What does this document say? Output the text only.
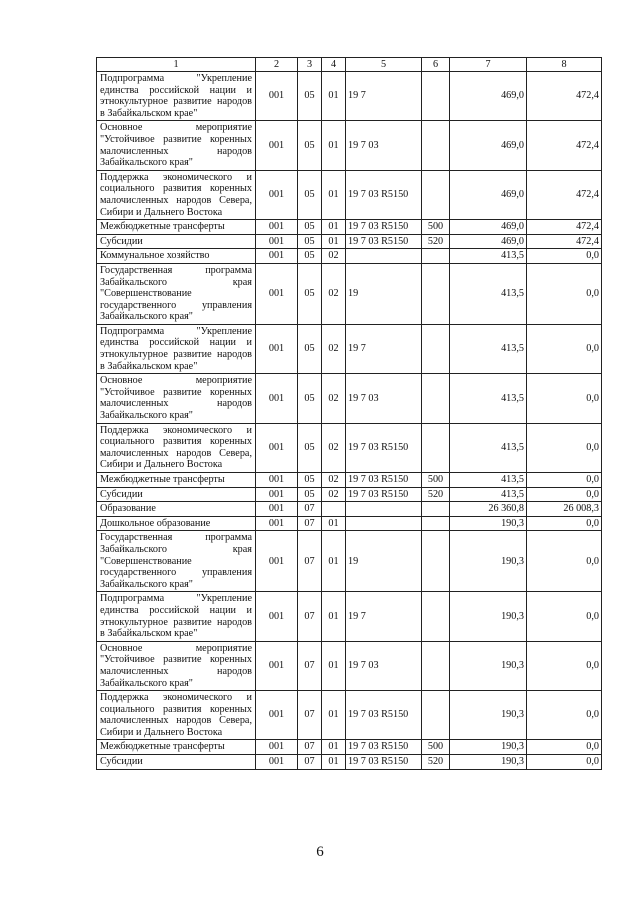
1	2	3	4	5	6	7	8
Подпрограмма "Укрепление единства российской нации и этнокультурное развитие народов в Забайкальском крае"	001	05	01	19 7		469,0	472,4
Основное мероприятие "Устойчивое развитие коренных малочисленных народов Забайкальского края"	001	05	01	19 7 03		469,0	472,4
Поддержка экономического и социального развития коренных малочисленных народов Севера, Сибири и Дальнего Востока	001	05	01	19 7 03 R5150		469,0	472,4
Межбюджетные трансферты	001	05	01	19 7 03 R5150	500	469,0	472,4
Субсидии	001	05	01	19 7 03 R5150	520	469,0	472,4
Коммунальное хозяйство	001	05	02			413,5	0,0
Государственная программа Забайкальского края "Совершенствование государственного управления Забайкальского края"	001	05	02	19		413,5	0,0
Подпрограмма "Укрепление единства российской нации и этнокультурное развитие народов в Забайкальском крае"	001	05	02	19 7		413,5	0,0
Основное мероприятие "Устойчивое развитие коренных малочисленных народов Забайкальского края"	001	05	02	19 7 03		413,5	0,0
Поддержка экономического и социального развития коренных малочисленных народов Севера, Сибири и Дальнего Востока	001	05	02	19 7 03 R5150		413,5	0,0
Межбюджетные трансферты	001	05	02	19 7 03 R5150	500	413,5	0,0
Субсидии	001	05	02	19 7 03 R5150	520	413,5	0,0
Образование	001	07				26 360,8	26 008,3
Дошкольное образование	001	07	01			190,3	0,0
Государственная программа Забайкальского края "Совершенствование государственного управления Забайкальского края"	001	07	01	19		190,3	0,0
Подпрограмма "Укрепление единства российской нации и этнокультурное развитие народов в Забайкальском крае"	001	07	01	19 7		190,3	0,0
Основное мероприятие "Устойчивое развитие коренных малочисленных народов Забайкальского края"	001	07	01	19 7 03		190,3	0,0
Поддержка экономического и социального развития коренных малочисленных народов Севера, Сибири и Дальнего Востока	001	07	01	19 7 03 R5150		190,3	0,0
Межбюджетные трансферты	001	07	01	19 7 03 R5150	500	190,3	0,0
Субсидии	001	07	01	19 7 03 R5150	520	190,3	0,0
6
